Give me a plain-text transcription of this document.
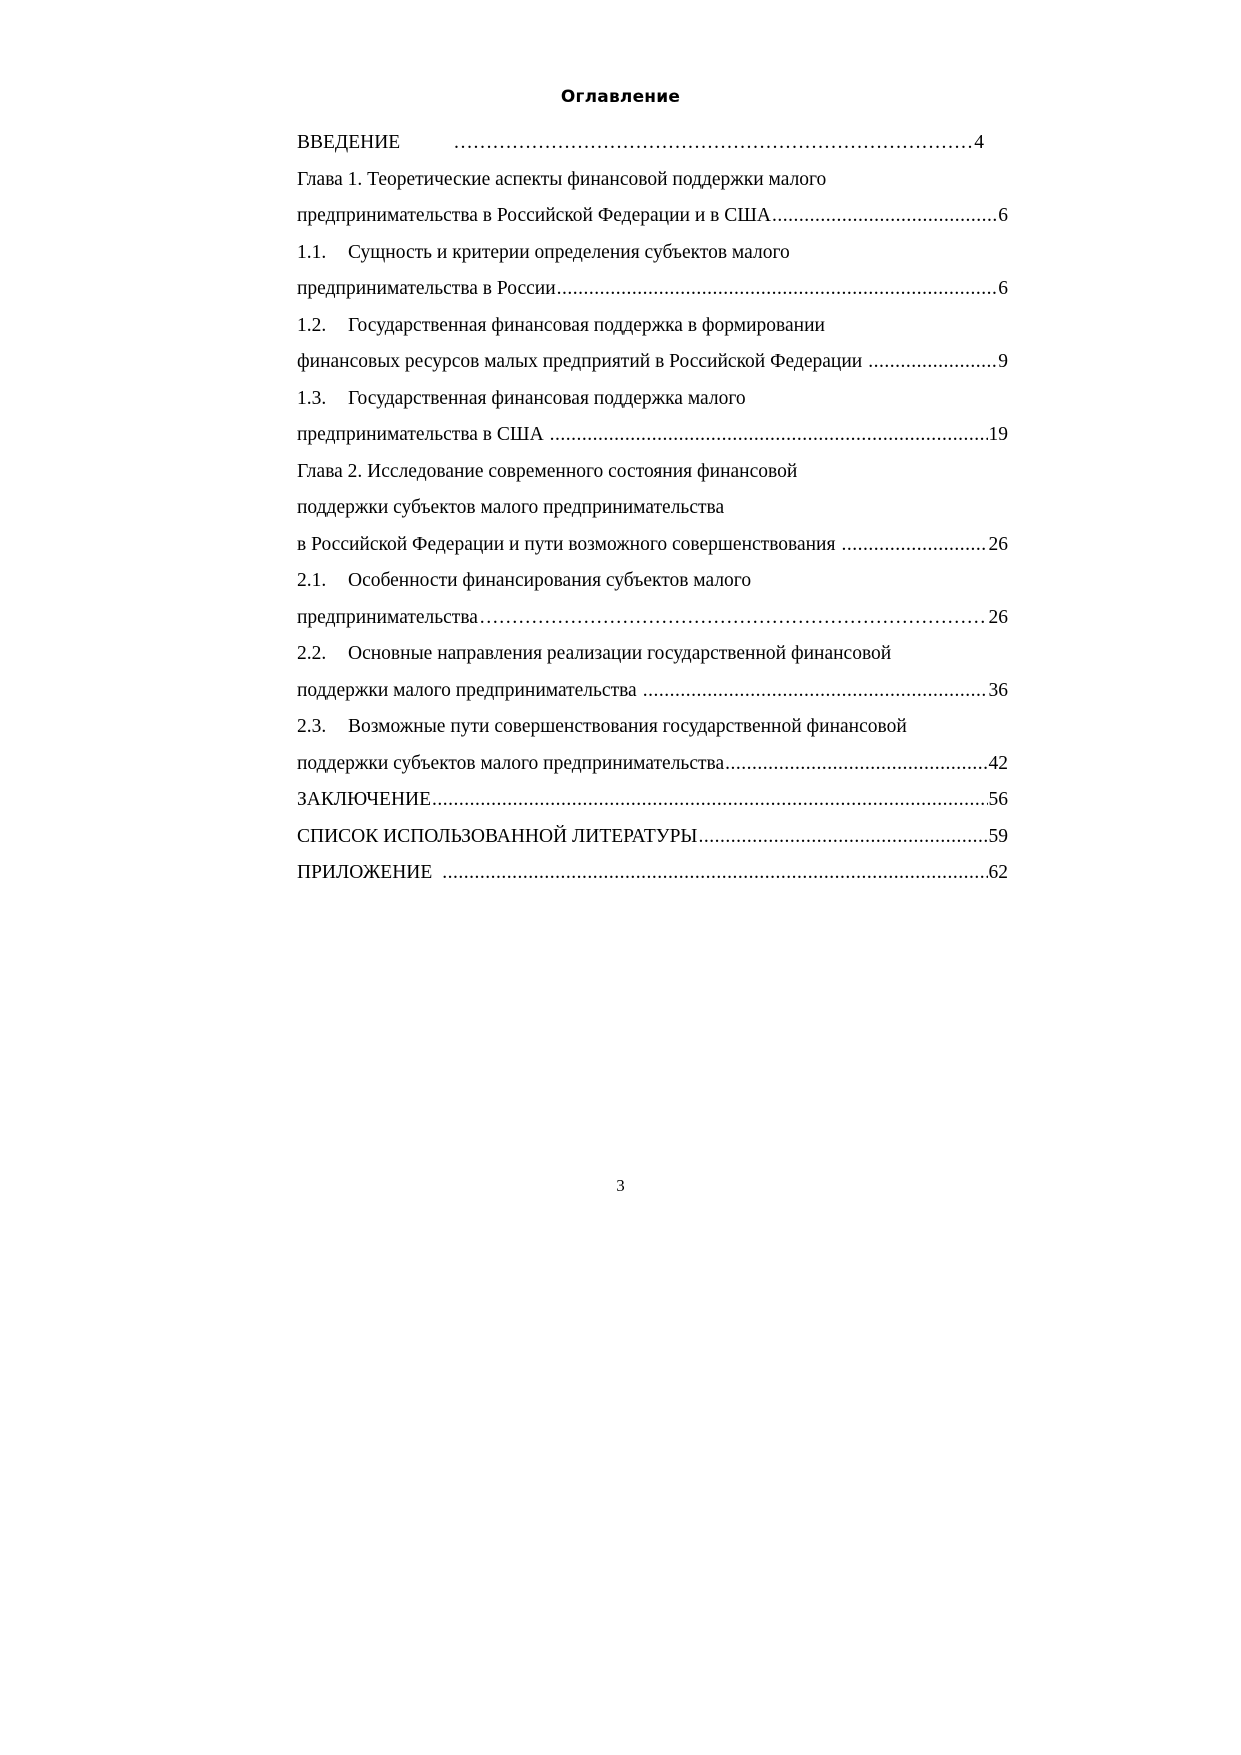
Оглавление
ВВЕДЕНИЕ …………………………………………………………………………………………………………………………………………………………………………	4
Глава 1. Теоретические аспекты финансовой поддержки малого
предпринимательства в Российской Федерации и в США .....	6
1.1.	Сущность и критерии определения субъектов малого
предпринимательства в России .....	6
1.2.	Государственная финансовая поддержка в формировании
финансовых ресурсов малых предприятий в Российской Федерации .....	9
1.3.	Государственная финансовая поддержка малого
предпринимательства в США .....	19
Глава 2. Исследование современного состояния финансовой
поддержки субъектов малого предпринимательства
в Российской Федерации и пути возможного совершенствования .....	26
2.1.	Особенности финансирования субъектов малого
предпринимательства …………………………………………………………………………………………………………………………………………………………………………	26
2.2.	Основные направления реализации государственной финансовой
поддержки малого предпринимательства .....	36
2.3.	Возможные пути совершенствования государственной финансовой
поддержки субъектов малого предпринимательства .....	42
ЗАКЛЮЧЕНИЕ .....	56
СПИСОК ИСПОЛЬЗОВАННОЙ ЛИТЕРАТУРЫ .....	59
ПРИЛОЖЕНИЕ .....	62
3
